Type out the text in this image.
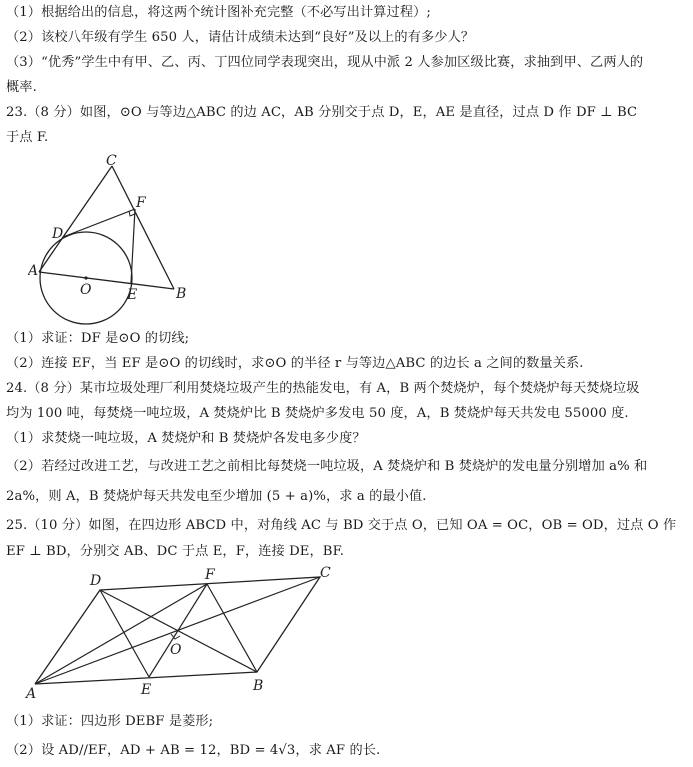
（1）根据给出的信息，将这两个统计图补充完整（不必写出计算过程）;
（2）该校八年级有学生 650 人，请估计成绩未达到“良好”及以上的有多少人？
（3）“优秀”学生中有甲、乙、丙、丁四位同学表现突出，现从中派 2 人参加区级比赛，求抽到甲、乙两人的
概率.
23.（8 分）如图，⊙O 与等边△ABC 的边 AC，AB 分别交于点 D，E，AE 是直径，过点 D 作 DF ⊥ BC
于点 F.
C
F
D
A
O	E	B
（1）求证：DF 是⊙O 的切线;
（2）连接 EF，当 EF 是⊙O 的切线时，求⊙O 的半径 r 与等边△ABC 的边长 a 之间的数量关系.
24.（8 分）某市垃圾处理厂利用焚烧垃圾产生的热能发电，有 A，B 两个焚烧炉，每个焚烧炉每天焚烧垃圾
均为 100 吨，每焚烧一吨垃圾，A 焚烧炉比 B 焚烧炉多发电 50 度，A，B 焚烧炉每天共发电 55000 度.
（1）求焚烧一吨垃圾，A 焚烧炉和 B 焚烧炉各发电多少度？
（2）若经过改进工艺，与改进工艺之前相比每焚烧一吨垃圾，A 焚烧炉和 B 焚烧炉的发电量分别增加 a% 和
2a%，则 A，B 焚烧炉每天共发电至少增加 (5 + a)%，求 a 的最小值.
25.（10 分）如图，在四边形 ABCD 中，对角线 AC 与 BD 交于点 O，已知 OA = OC，OB = OD，过点 O 作
EF ⊥ BD，分别交 AB、DC 于点 E，F，连接 DE，BF.
D	F	C
O
A	E	B
（1）求证：四边形 DEBF 是菱形;
（2）设 AD//EF，AD + AB = 12，BD = 4√3，求 AF 的长.
